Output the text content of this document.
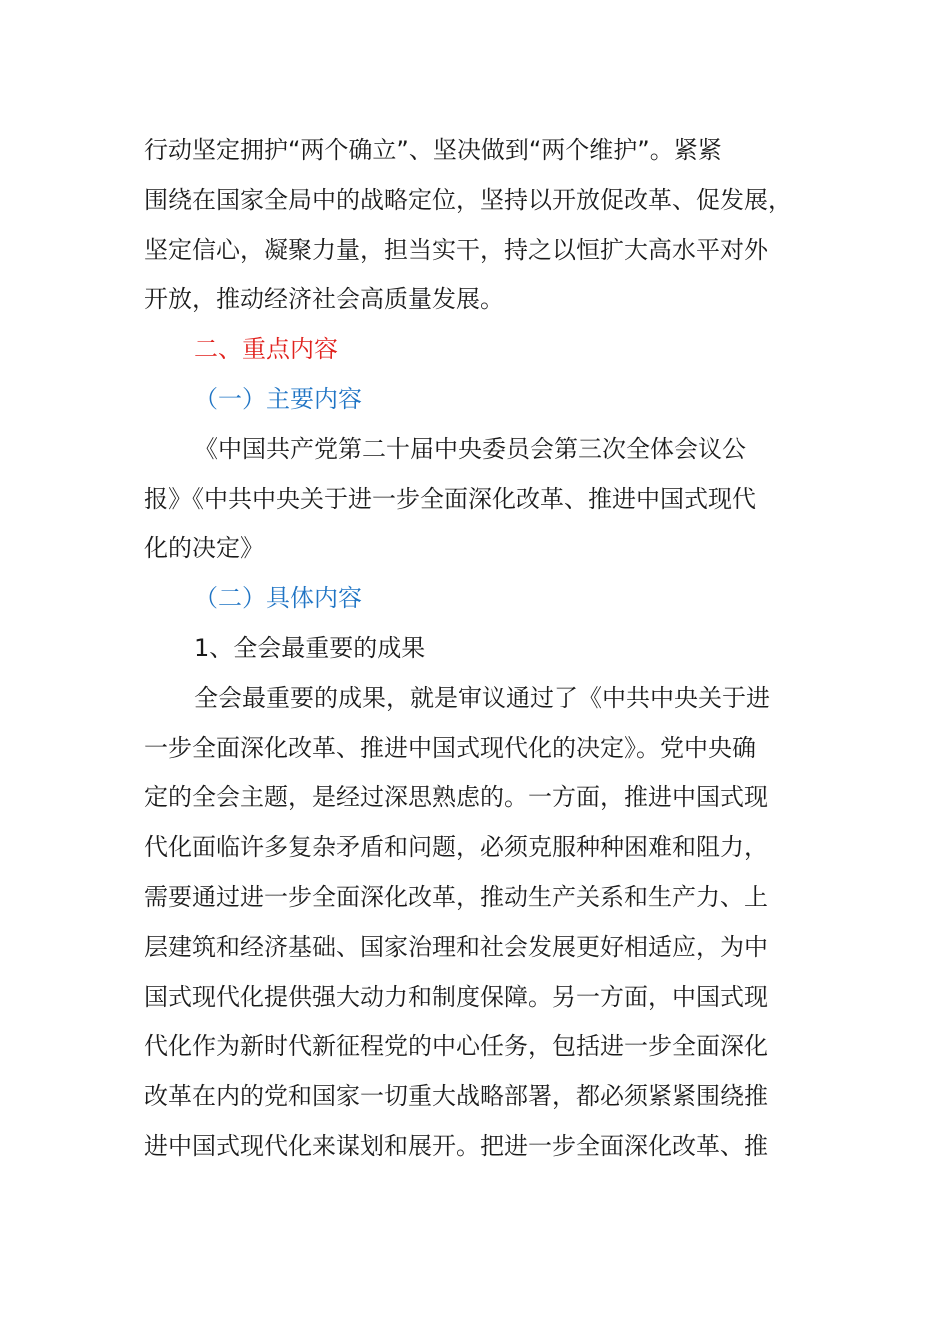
行动坚定拥护“两个确立”、坚决做到“两个维护”。紧紧
围绕在国家全局中的战略定位，坚持以开放促改革、促发展，
坚定信心，凝聚力量，担当实干，持之以恒扩大高水平对外
开放，推动经济社会高质量发展。
二、重点内容
（一）主要内容
《中国共产党第二十届中央委员会第三次全体会议公
报》《中共中央关于进一步全面深化改革、推进中国式现代
化的决定》
（二）具体内容
1、全会最重要的成果
全会最重要的成果，就是审议通过了《中共中央关于进
一步全面深化改革、推进中国式现代化的决定》。党中央确
定的全会主题，是经过深思熟虑的。一方面，推进中国式现
代化面临许多复杂矛盾和问题，必须克服种种困难和阻力，
需要通过进一步全面深化改革，推动生产关系和生产力、上
层建筑和经济基础、国家治理和社会发展更好相适应，为中
国式现代化提供强大动力和制度保障。另一方面，中国式现
代化作为新时代新征程党的中心任务，包括进一步全面深化
改革在内的党和国家一切重大战略部署，都必须紧紧围绕推
进中国式现代化来谋划和展开。把进一步全面深化改革、推
